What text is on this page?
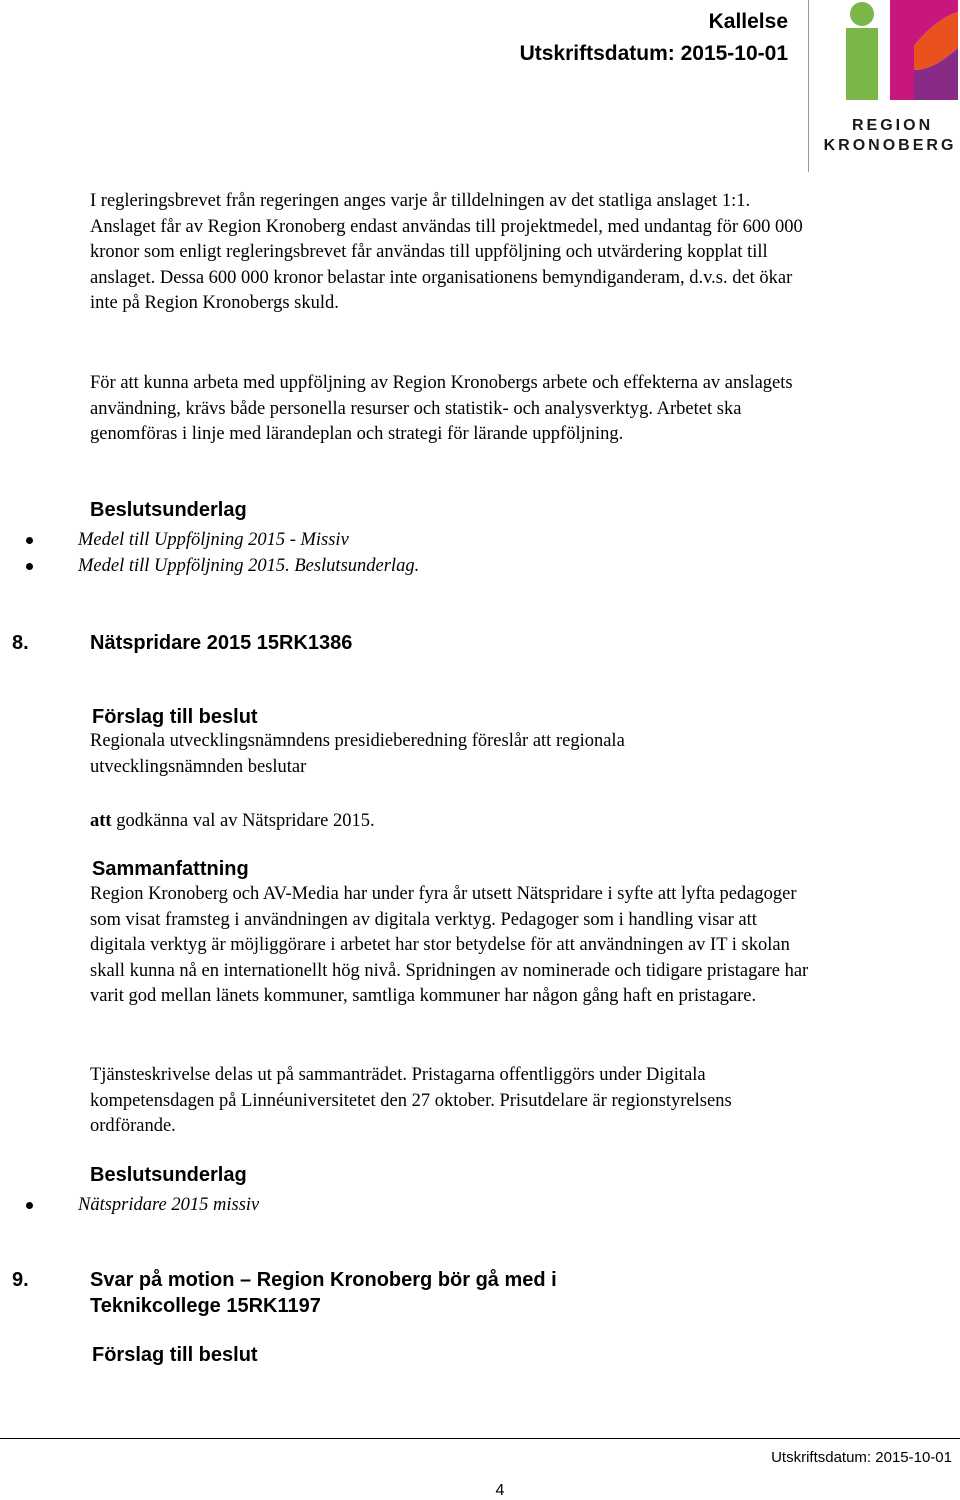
Kallelse
Utskriftsdatum: 2015-10-01
REGION
KRONOBERG

I regleringsbrevet från regeringen anges varje år tilldelningen av det statliga anslaget 1:1. Anslaget får av Region Kronoberg endast användas till projektmedel, med undantag för 600 000 kronor som enligt regleringsbrevet får användas till uppföljning och utvärdering kopplat till anslaget. Dessa 600 000 kronor belastar inte organisationens bemyndiganderam, d.v.s. det ökar inte på Region Kronobergs skuld.

För att kunna arbeta med uppföljning av Region Kronobergs arbete och effekterna av anslagets användning, krävs både personella resurser och statistik- och analysverktyg. Arbetet ska genomföras i linje med lärandeplan och strategi för lärande uppföljning.

Beslutsunderlag
Medel till Uppföljning 2015 - Missiv
Medel till Uppföljning 2015. Beslutsunderlag.
Förslag till beslut

Regionala utvecklingsnämndens presidieberedning föreslår att regionala utvecklingsnämnden beslutar

att godkänna val av Nätspridare 2015.

Sammanfattning

Region Kronoberg och AV-Media har under fyra år utsett Nätspridare i syfte att lyfta pedagoger som visat framsteg i användningen av digitala verktyg. Pedagoger som i handling visar att digitala verktyg är möjliggörare i arbetet har stor betydelse för att användningen av IT i skolan skall kunna nå en internationellt hög nivå. Spridningen av nominerade och tidigare pristagare har varit god mellan länets kommuner, samtliga kommuner har någon gång haft en pristagare.

Tjänsteskrivelse delas ut på sammanträdet. Pristagarna offentliggörs under Digitala kompetensdagen på Linnéuniversitetet den 27 oktober. Prisutdelare är regionstyrelsens ordförande.

Beslutsunderlag
Nätspridare 2015 missiv
Förslag till beslut
8.	Nätspridare 2015 15RK1386
9.	Svar på motion – Region Kronoberg bör gå med i
Teknikcollege 15RK1197
Utskriftsdatum: 2015-10-01
4
